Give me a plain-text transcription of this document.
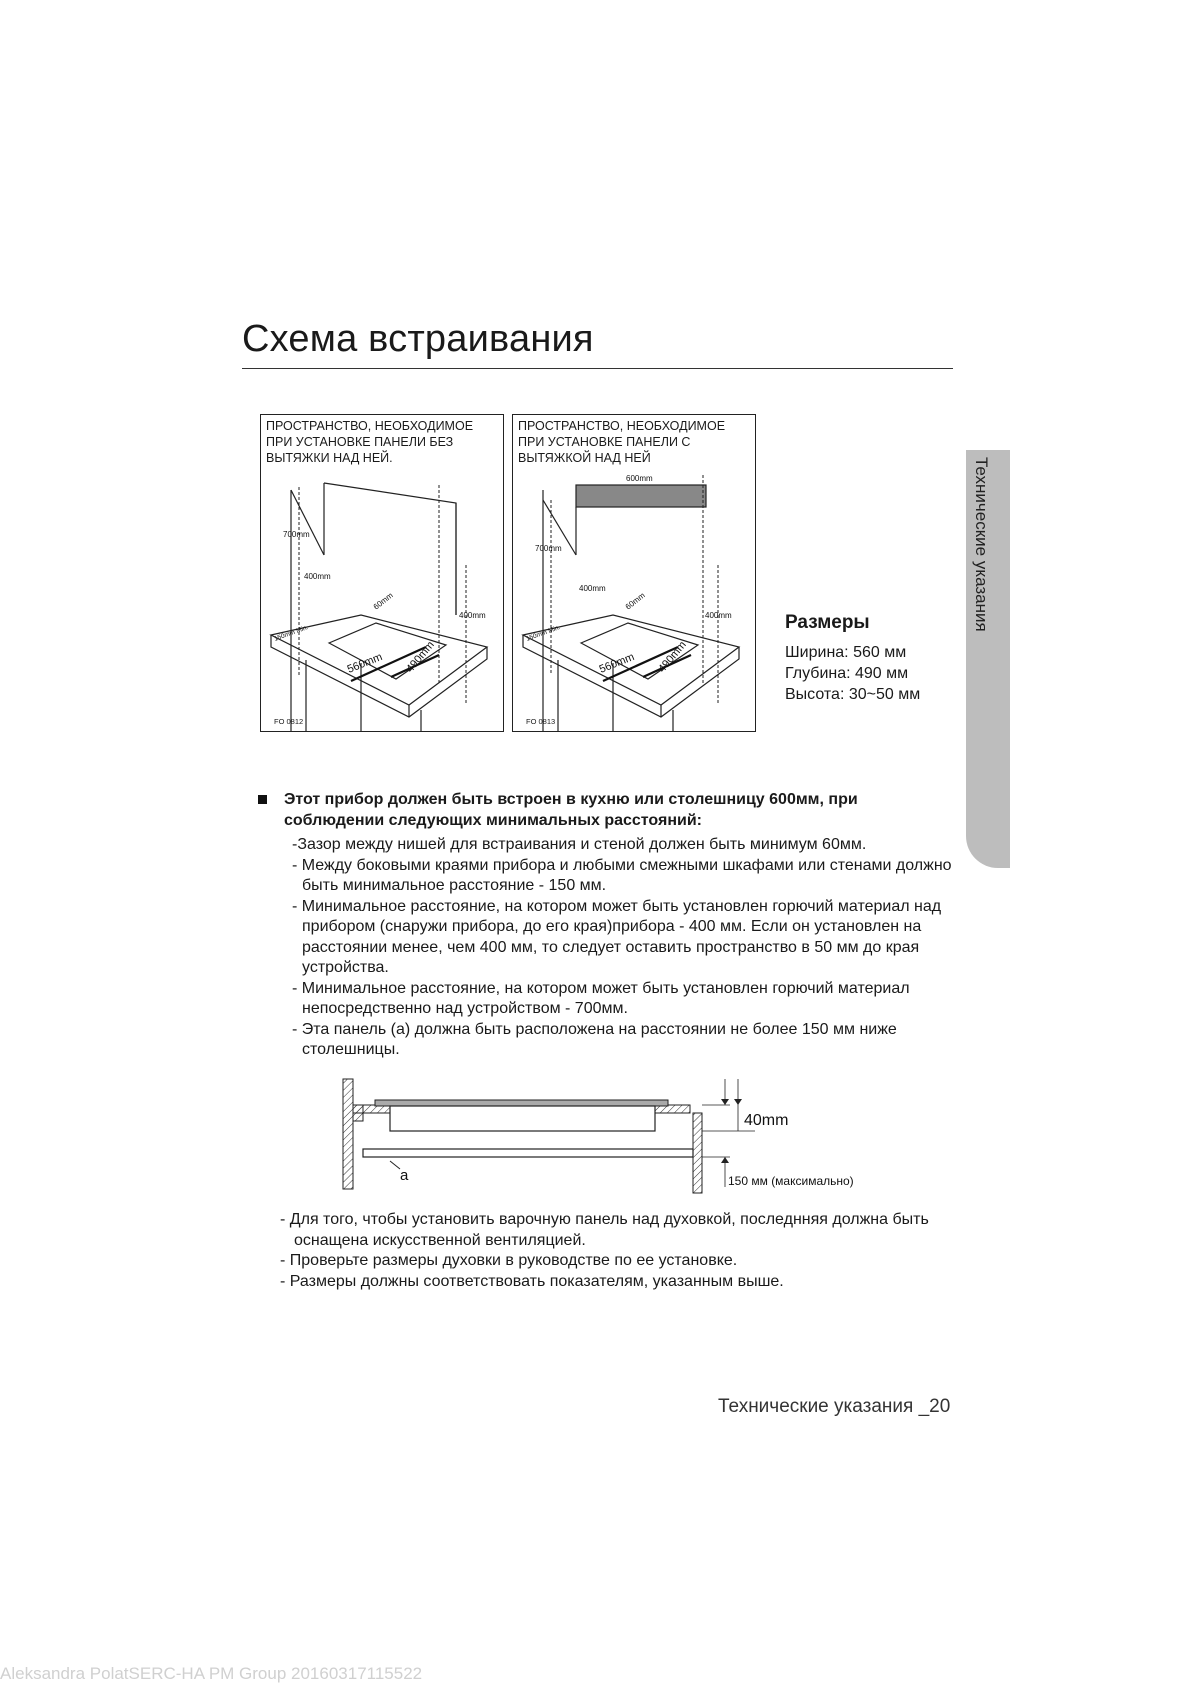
Схема встраивания
700mm
400mm
60mm
400mm
150mm Min.
560mm 490mm
ПРОСТРАНСТВО, НЕОБХОДИМОЕ ПРИ УСТАНОВКЕ ПАНЕЛИ БЕЗ ВЫТЯЖКИ НАД НЕЙ.
FO 0812
600mm
700mm
400mm
60mm
400mm
150mm Min.
560mm 490mm
ПРОСТРАНСТВО, НЕОБХОДИМОЕ ПРИ УСТАНОВКЕ ПАНЕЛИ С ВЫТЯЖКОЙ НАД НЕЙ
FO 0813
Технические указания
Размеры
Ширина: 560 мм
Глубина: 490 мм
Высота: 30~50 мм
Этот прибор должен быть встроен в кухню или столешницу 600мм, при соблюдении следующих минимальных расстояний:
-Зазор между нишей для встраивания и стеной должен быть минимум 60мм.
- Между боковыми краями прибора и любыми смежными шкафами или стенами должно быть минимальное расстояние - 150 мм.
- Минимальное расстояние, на котором может быть установлен горючий материал над прибором (снаружи прибора, до его края)прибора - 400 мм. Если он установлен на расстоянии менее, чем 400 мм, то следует оставить пространство в 50 мм до края устройства.
- Минимальное расстояние, на котором может быть установлен горючий материал непосредственно над устройством - 700мм.
- Эта панель (a) должна быть расположена на расстоянии не более 150 мм ниже столешницы.
a
40mm
150 мм (максимально)
- Для того, чтобы установить варочную панель над духовкой, последнняя должна быть оснащена искусственной вентиляцией.
- Проверьте размеры духовки в руководстве по ее установке.
- Размеры должны соответствовать показателям, указанным выше.
Технические указания _20
Aleksandra PolatSERC-HA PM Group 20160317115522
